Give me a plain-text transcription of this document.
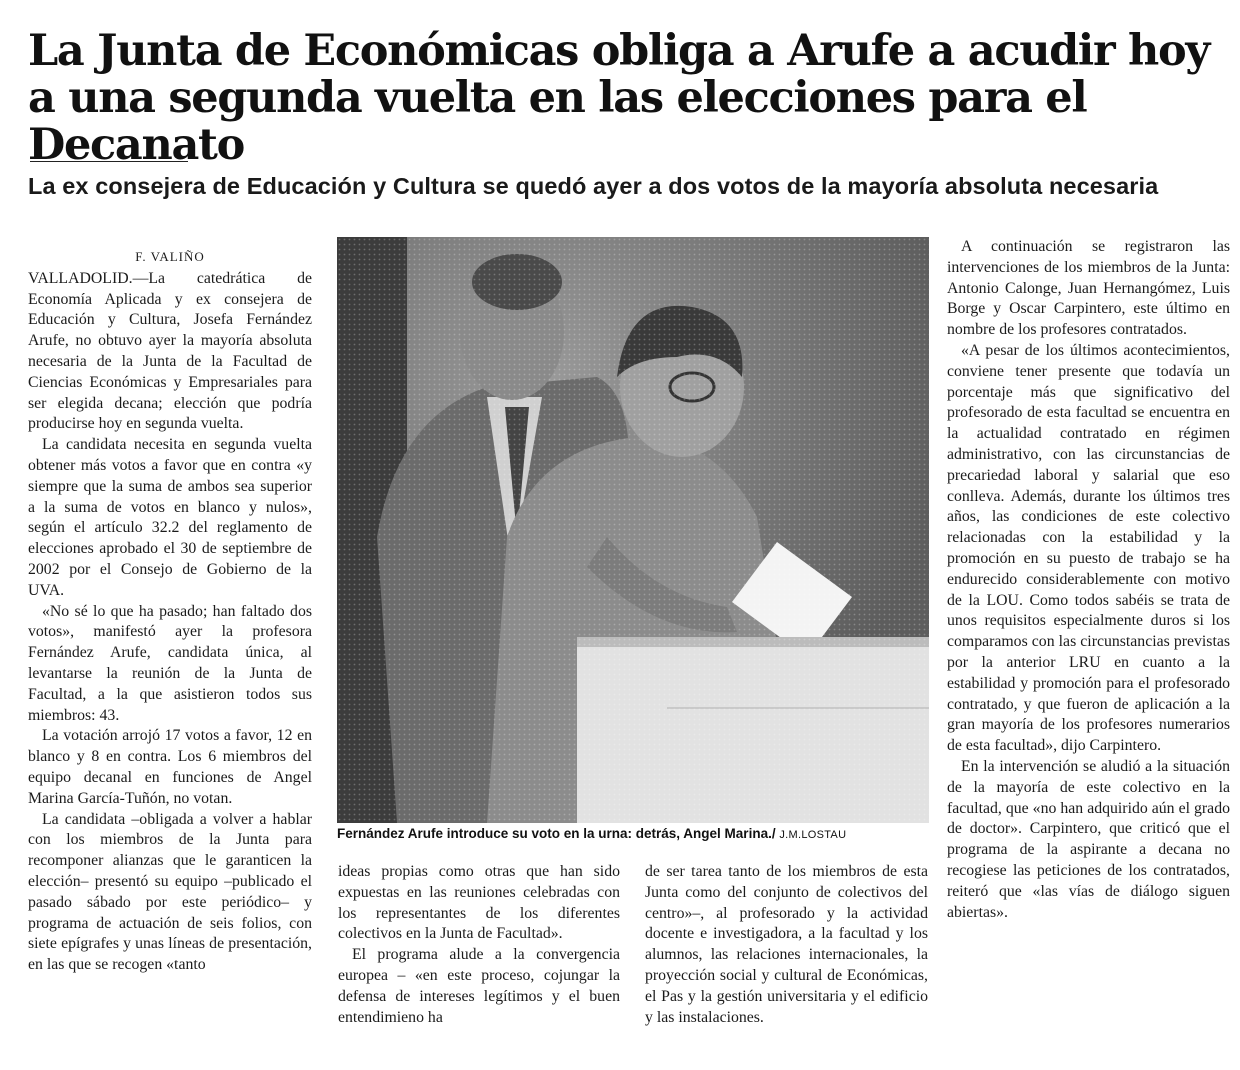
La Junta de Económicas obliga a Arufe a acudir hoy a una segunda vuelta en las elecciones para el Decanato
La ex consejera de Educación y Cultura se quedó ayer a dos votos de la mayoría absoluta necesaria
F. VALIÑO

VALLADOLID.—La catedrática de Economía Aplicada y ex consejera de Educación y Cultura, Josefa Fernández Arufe, no obtuvo ayer la mayoría absoluta necesaria de la Junta de la Facultad de Ciencias Económicas y Empresariales para ser elegida decana; elección que podría producirse hoy en segunda vuelta.

La candidata necesita en segunda vuelta obtener más votos a favor que en contra «y siempre que la suma de ambos sea superior a la suma de votos en blanco y nulos», según el artículo 32.2 del reglamento de elecciones aprobado el 30 de septiembre de 2002 por el Consejo de Gobierno de la UVA.

«No sé lo que ha pasado; han faltado dos votos», manifestó ayer la profesora Fernández Arufe, candidata única, al levantarse la reunión de la Junta de Facultad, a la que asistieron todos sus miembros: 43.

La votación arrojó 17 votos a favor, 12 en blanco y 8 en contra. Los 6 miembros del equipo decanal en funciones de Angel Marina García-Tuñón, no votan.

La candidata –obligada a volver a hablar con los miembros de la Junta para recomponer alianzas que le garanticen la elección– presentó su equipo –publicado el pasado sábado por este periódico– y programa de actuación de seis folios, con siete epígrafes y unas líneas de presentación, en las que se recogen «tanto

Fernández Arufe introduce su voto en la urna: detrás, Angel Marina./ J.M.LOSTAU

ideas propias como otras que han sido expuestas en las reuniones celebradas con los representantes de los diferentes colectivos en la Junta de Facultad».

El programa alude a la convergencia europea – «en este proceso, cojungar la defensa de intereses legítimos y el buen entendimieno ha

de ser tarea tanto de los miembros de esta Junta como del conjunto de colectivos del centro»–, al profesorado y la actividad docente e investigadora, a la facultad y los alumnos, las relaciones internacionales, la proyección social y cultural de Económicas, el Pas y la gestión universitaria y el edificio y las instalaciones.

A continuación se registraron las intervenciones de los miembros de la Junta: Antonio Calonge, Juan Hernangómez, Luis Borge y Oscar Carpintero, este último en nombre de los profesores contratados.

«A pesar de los últimos acontecimientos, conviene tener presente que todavía un porcentaje más que significativo del profesorado de esta facultad se encuentra en la actualidad contratado en régimen administrativo, con las circunstancias de precariedad laboral y salarial que eso conlleva. Además, durante los últimos tres años, las condiciones de este colectivo relacionadas con la estabilidad y la promoción en su puesto de trabajo se ha endurecido considerablemente con motivo de la LOU. Como todos sabéis se trata de unos requisitos especialmente duros si los comparamos con las circunstancias previstas por la anterior LRU en cuanto a la estabilidad y promoción para el profesorado contratado, y que fueron de aplicación a la gran mayoría de los profesores numerarios de esta facultad», dijo Carpintero.

En la intervención se aludió a la situación de la mayoría de este colectivo en la facultad, que «no han adquirido aún el grado de doctor». Carpintero, que criticó que el programa de la aspirante a decana no recogiese las peticiones de los contratados, reiteró que «las vías de diálogo siguen abiertas».
